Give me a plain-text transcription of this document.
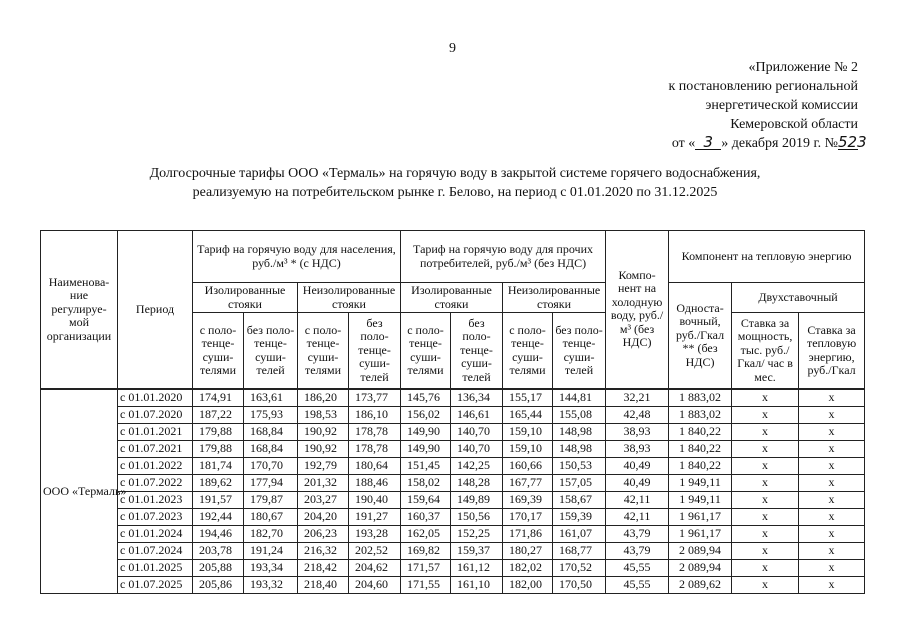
9
«Приложение № 2
к постановлению региональной
энергетической комиссии
Кемеровской области
от « 3 » декабря 2019 г. №523
Долгосрочные тарифы ООО «Термаль» на горячую воду в закрытой системе горячего водоснабжения,
реализуемую на потребительском рынке г. Белово, на период с 01.01.2020 по 31.12.2025
Наименова- ние регулируе- мой организации	Период	Тариф на горячую воду для населения, руб./м³ * (с НДС)				Тариф на горячую воду для прочих потребителей, руб./м³ (без НДС)				Компо- нент на холодную воду, руб./м³ (без НДС)	Компонент на тепловую энергию		
		Изолированные стояки		Неизолированные стояки		Изолированные стояки		Неизолированные стояки			Односта- вочный, руб./Гкал ** (без НДС)	Двухставочный	
		с поло- тенце- суши- телями	без поло- тенце- суши- телей	с поло- тенце- суши- телями	без поло- тенце- суши- телей	с поло- тенце- суши- телями	без поло- тенце- суши- телей	с поло- тенце- суши- телями	без поло- тенце- суши- телей			Ставка за мощность, тыс. руб./ Гкал/ час в мес.	Ставка за тепловую энергию, руб./Гкал

ООО «Термаль»	с 01.01.2020	174,91	163,61	186,20	173,77	145,76	136,34	155,17	144,81	32,21	1 883,02	х	х
	с 01.07.2020	187,22	175,93	198,53	186,10	156,02	146,61	165,44	155,08	42,48	1 883,02	х	х
	с 01.01.2021	179,88	168,84	190,92	178,78	149,90	140,70	159,10	148,98	38,93	1 840,22	х	х
	с 01.07.2021	179,88	168,84	190,92	178,78	149,90	140,70	159,10	148,98	38,93	1 840,22	х	х
	с 01.01.2022	181,74	170,70	192,79	180,64	151,45	142,25	160,66	150,53	40,49	1 840,22	х	х
	с 01.07.2022	189,62	177,94	201,32	188,46	158,02	148,28	167,77	157,05	40,49	1 949,11	х	х
	с 01.01.2023	191,57	179,87	203,27	190,40	159,64	149,89	169,39	158,67	42,11	1 949,11	х	х
	с 01.07.2023	192,44	180,67	204,20	191,27	160,37	150,56	170,17	159,39	42,11	1 961,17	х	х
	с 01.01.2024	194,46	182,70	206,23	193,28	162,05	152,25	171,86	161,07	43,79	1 961,17	х	х
	с 01.07.2024	203,78	191,24	216,32	202,52	169,82	159,37	180,27	168,77	43,79	2 089,94	х	х
	с 01.01.2025	205,88	193,34	218,42	204,62	171,57	161,12	182,02	170,52	45,55	2 089,94	х	х
	с 01.07.2025	205,86	193,32	218,40	204,60	171,55	161,10	182,00	170,50	45,55	2 089,62	х	х
